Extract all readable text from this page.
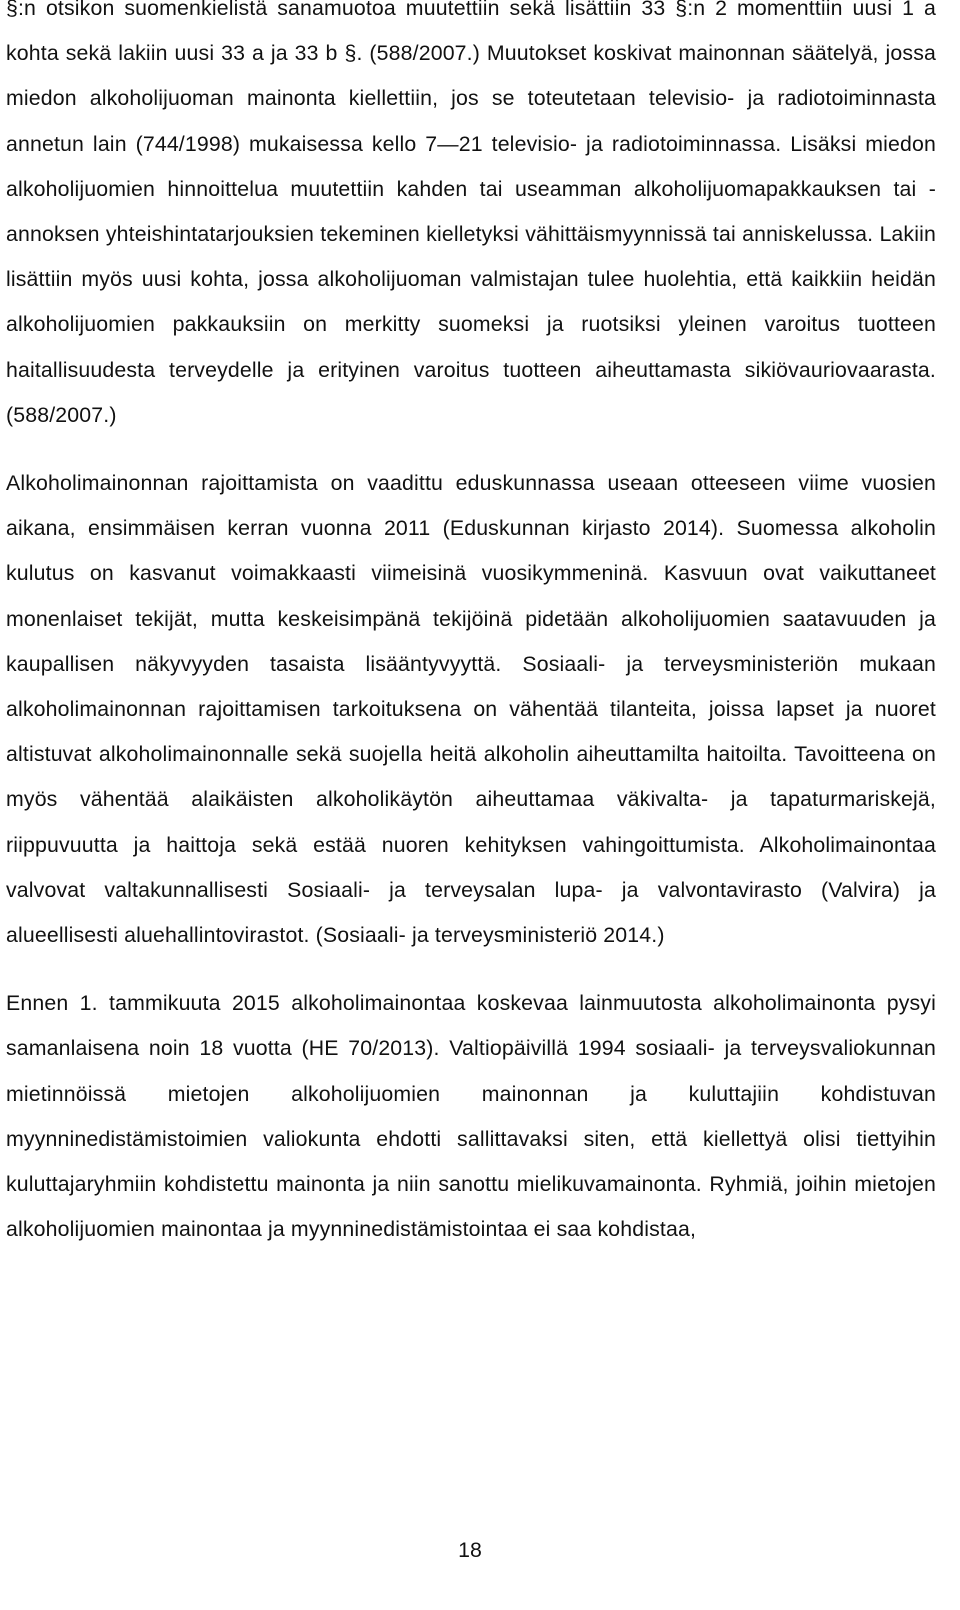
§:n otsikon suomenkielistä sanamuotoa muutettiin sekä lisättiin 33 §:n 2 momenttiin uusi 1 a kohta sekä lakiin uusi 33 a ja 33 b §. (588/2007.) Muutokset koskivat mainonnan säätelyä, jossa miedon alkoholijuoman mainonta kiellettiin, jos se toteutetaan televisio- ja radiotoiminnasta annetun lain (744/1998) mukaisessa kello 7—21 televisio- ja radiotoiminnassa. Lisäksi miedon alkoholijuomien hinnoittelua muutettiin kahden tai useamman alkoholijuomapakkauksen tai -annoksen yhteishintatarjouksien tekeminen kielletyksi vähittäismyynnissä tai anniskelussa. Lakiin lisättiin myös uusi kohta, jossa alkoholijuoman valmistajan tulee huolehtia, että kaikkiin heidän alkoholijuomien pakkauksiin on merkitty suomeksi ja ruotsiksi yleinen varoitus tuotteen haitallisuudesta terveydelle ja erityinen varoitus tuotteen aiheuttamasta sikiövauriovaarasta. (588/2007.)

Alkoholimainonnan rajoittamista on vaadittu eduskunnassa useaan otteeseen viime vuosien aikana, ensimmäisen kerran vuonna 2011 (Eduskunnan kirjasto 2014). Suomessa alkoholin kulutus on kasvanut voimakkaasti viimeisinä vuosikymmeninä. Kasvuun ovat vaikuttaneet monenlaiset tekijät, mutta keskeisimpänä tekijöinä pidetään alkoholijuomien saatavuuden ja kaupallisen näkyvyyden tasaista lisääntyvyyttä. Sosiaali- ja terveysministeriön mukaan alkoholimainonnan rajoittamisen tarkoituksena on vähentää tilanteita, joissa lapset ja nuoret altistuvat alkoholimainonnalle sekä suojella heitä alkoholin aiheuttamilta haitoilta. Tavoitteena on myös vähentää alaikäisten alkoholikäytön aiheuttamaa väkivalta- ja tapaturmariskejä, riippuvuutta ja haittoja sekä estää nuoren kehityksen vahingoittumista. Alkoholimainontaa valvovat valtakunnallisesti Sosiaali- ja terveysalan lupa- ja valvontavirasto (Valvira) ja alueellisesti aluehallintovirastot. (Sosiaali- ja terveysministeriö 2014.)

Ennen 1. tammikuuta 2015 alkoholimainontaa koskevaa lainmuutosta alkoholimainonta pysyi samanlaisena noin 18 vuotta (HE 70/2013). Valtiopäivillä 1994 sosiaali- ja terveysvaliokunnan mietinnöissä mietojen alkoholijuomien mainonnan ja kuluttajiin kohdistuvan myynninedistämistoimien valiokunta ehdotti sallittavaksi siten, että kiellettyä olisi tiettyihin kuluttajaryhmiin kohdistettu mainonta ja niin sanottu mielikuvamainonta. Ryhmiä, joihin mietojen alkoholijuomien mainontaa ja myynninedistämistointaa ei saa kohdistaa,

18
